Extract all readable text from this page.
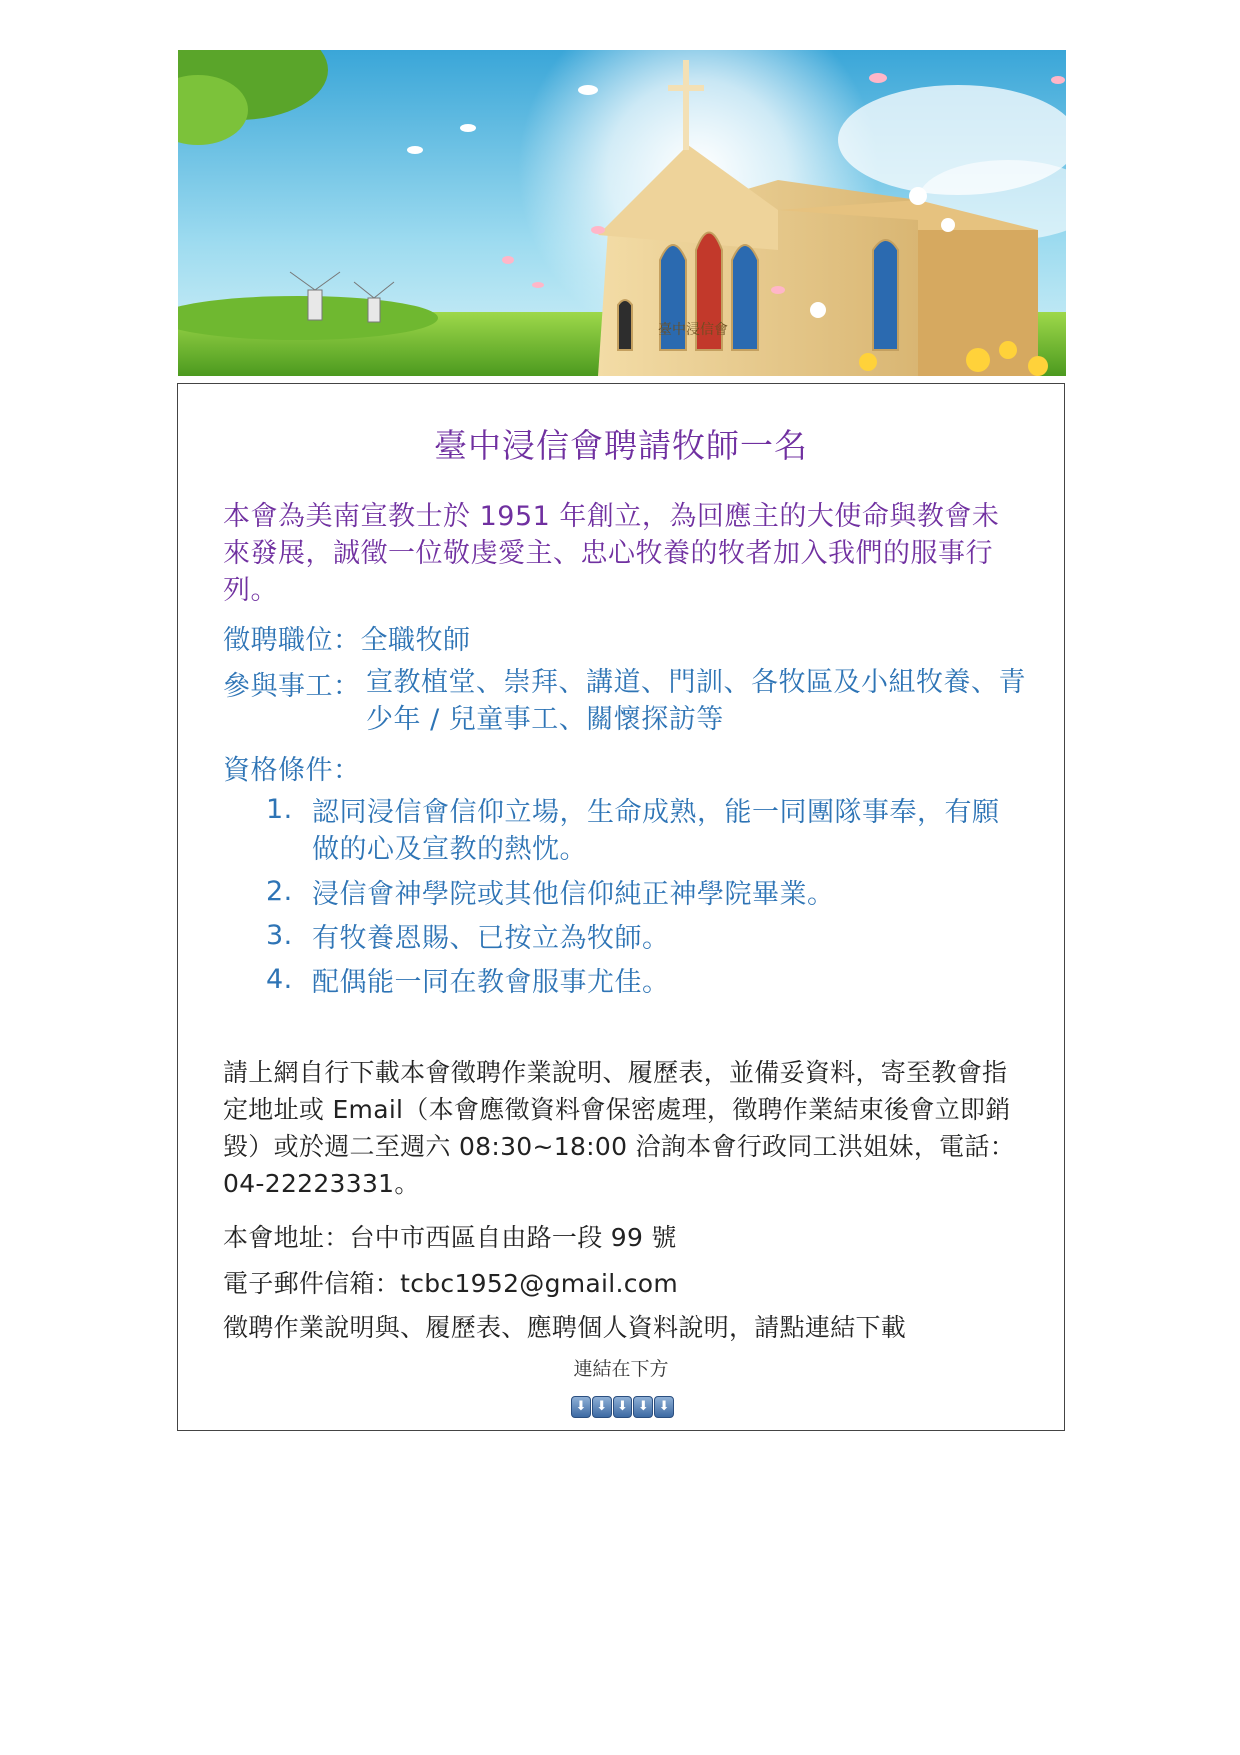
臺中浸信會
臺中浸信會聘請牧師一名
本會為美南宣教士於 1951 年創立，為回應主的大使命與教會未來發展，誠徵一位敬虔愛主、忠心牧養的牧者加入我們的服事行列。
徵聘職位：全職牧師
參與事工： 宣教植堂、崇拜、講道、門訓、各牧區及小組牧養、青少年 / 兒童事工、關懷探訪等
資格條件：
1. 認同浸信會信仰立場，生命成熟，能一同團隊事奉，有願做的心及宣教的熱忱。
2. 浸信會神學院或其他信仰純正神學院畢業。
3. 有牧養恩賜、已按立為牧師。
4. 配偶能一同在教會服事尤佳。
請上網自行下載本會徵聘作業說明、履歷表，並備妥資料，寄至教會指定地址或 Email（本會應徵資料會保密處理，徵聘作業結束後會立即銷毀）或於週二至週六 08:30~18:00 洽詢本會行政同工洪姐妹，電話：04-22223331。
本會地址：台中市西區自由路一段 99 號
電子郵件信箱：tcbc1952@gmail.com
徵聘作業說明與、履歷表、應聘個人資料說明，請點連結下載
連結在下方
⬇ ⬇ ⬇ ⬇ ⬇
